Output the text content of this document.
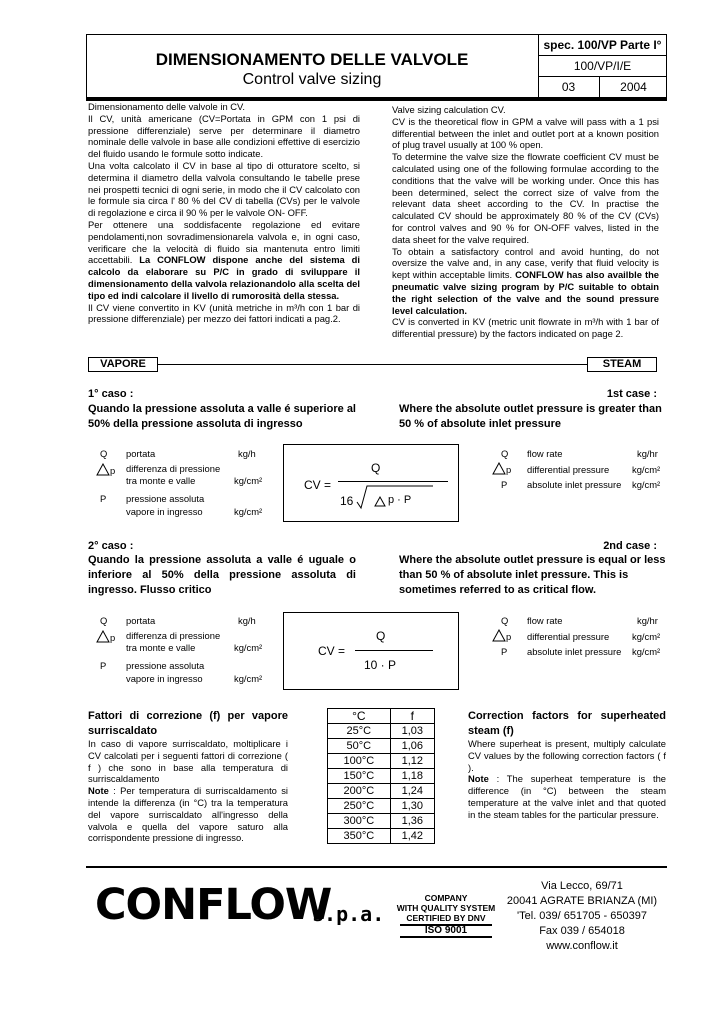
DIMENSIONAMENTO DELLE VALVOLE
Control valve sizing
spec. 100/VP Parte I°
100/VP/I/E
03	2004

Dimensionamento delle valvole in CV.

Il CV, unità americane (CV=Portata in GPM con 1 psi di pressione differenziale) serve per determinare il diametro nominale delle valvole in base alle condizioni effettive di esercizio del fluido usando le formule sotto indicate.

Una volta calcolato il CV in base al tipo di otturatore scelto, si determina il diametro della valvola consultando le tabelle prese nei prospetti tecnici di ogni serie, in modo che il CV calcolato con le formule sia circa l' 80 % del CV di tabella (CVs) per le valvole di regolazione e circa il 90 % per le valvole ON- OFF.

Per ottenere una soddisfacente regolazione ed evitare pendolamenti,non sovradimensionarela valvola e, in ogni caso, verificare che la velocità di fluido sia mantenuta entro limiti accettabili. La CONFLOW dispone anche del sistema di calcolo da elaborare su P/C in grado di sviluppare il dimensionamento della valvola relazionandolo alla scelta del tipo ed indi calcolare il livello di rumorosità della stessa.

Il CV viene convertito in KV (unità metriche in m³/h con 1 bar di pressione differenziale) per mezzo dei fattori indicati a pag.2.

Valve sizing calculation CV.

CV is the theoretical flow in GPM a valve will pass with a 1 psi differential between the inlet and outlet port at a known position of plug travel usually at 100 % open.

To determine the valve size the flowrate coefficient CV must be calculated using one of the following formulae according to the conditions that the valve will be working under. Once this has been determined, select the correct size of valve from the relevant data sheet according to the CV. In practise the calculated CV should be approximately 80 % of the CV (CVs) for control valves and 90 % for ON-OFF valves, listed in the data sheet for the valve required.

To obtain a satisfactory control and avoid hunting, do not oversize the valve and, in any case, verify that fluid velocity is kept within acceptable limits. CONFLOW has also availble the pneumatic valve sizing program by P/C suitable to obtain the right selection of the valve and the sound pressure level calculation.

CV is converted in KV (metric unit flowrate in m³/h with 1 bar of differential pressure) by the factors indicated on page 2.

VAPORE	STEAM
1° caso :
Quando la pressione assoluta a valle é superiore al 50% della pressione assoluta di ingresso
1st case :
Where the absolute outlet pressure is greater than 50 % of absolute inlet pressure
Q portata	kg/h
p differenza di pressione
tra monte e valle	kg/cm²
P pressione assoluta
vapore in ingresso	kg/cm²
CV =
Q
16	p · P
Q flow rate	kg/hr
p differential pressure kg/cm²
P absolute inlet pressure kg/cm²
2° caso :
Quando la pressione assoluta a valle é uguale o inferiore al 50% della pressione assoluta di ingresso. Flusso critico
2nd case :
Where the absolute outlet pressure is equal or less than 50 % of absolute inlet pressure. This is sometimes referred to as critical flow.
Q portata	kg/h
p differenza di pressione
tra monte e valle	kg/cm²
P pressione assoluta
vapore in ingresso	kg/cm²
CV =
Q
10 · P
Q flow rate	kg/hr
p differential pressure kg/cm²
P absolute inlet pressure kg/cm²
Fattori di correzione (f) per vapore surriscaldato

In caso di vapore surriscaldato, moltiplicare i CV calcolati per i seguenti fattori di correzione ( f ) che sono in base alla temperatura di surriscaldamento

Note : Per temperatura di surriscaldamento si intende la differenza (in °C) tra la temperatura del vapore surriscaldato all'ingresso della valvola e quella del vapore saturo alla corrispondente pressione di ingresso.

°C	f
25°C	1,03
50°C	1,06
100°C	1,12
150°C	1,18
200°C	1,24
250°C	1,30
300°C	1,36
350°C	1,42
Correction factors for superheated steam (f)

Where superheat is present, multiply calculate CV values by the following correction factors ( f ).

Note : The superheat temperature is the difference (in °C) between the steam temperature at the valve inlet and that quoted in the steam tables for the particular pressure.

CONFLOW
s.p.a.
COMPANY
WITH QUALITY SYSTEM
CERTIFIED BY DNV
ISO 9001
Via Lecco, 69/71
20041 AGRATE BRIANZA (MI)
'Tel. 039/ 651705 - 650397
Fax 039 / 654018
www.conflow.it
